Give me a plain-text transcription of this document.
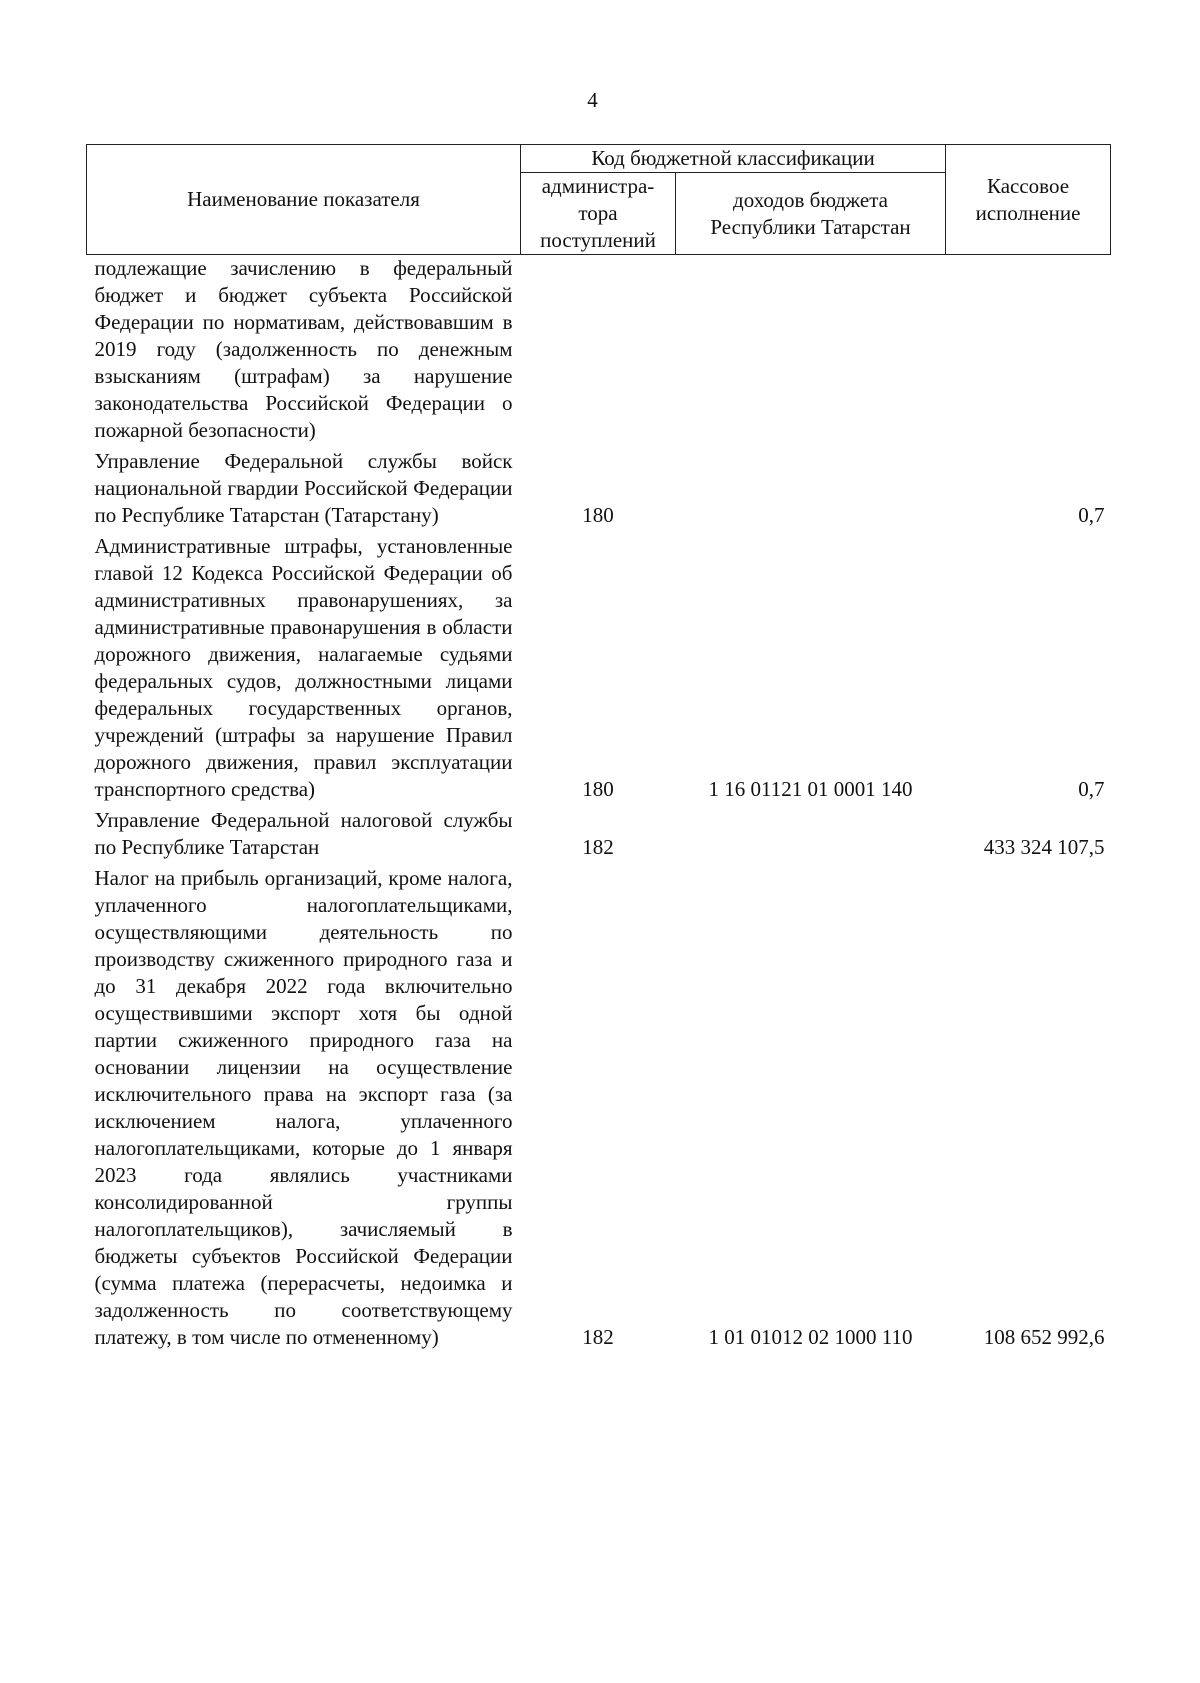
4
Наименование показателя	Код бюджетной классификации		Кассовое исполнение
	администра-тора поступлений	доходов бюджета Республики Татарстан	
подлежащие зачислению в федеральный бюджет и бюджет субъекта Российской Федерации по нормативам, действовавшим в 2019 году (задолженность по денежным взысканиям (штрафам) за нарушение законодательства Российской Федерации о пожарной безопасности)			
Управление Федеральной службы войск национальной гвардии Российской Федерации по Республике Татарстан (Татарстану)	180		0,7
Административные штрафы, установленные главой 12 Кодекса Российской Федерации об административных правонарушениях, за административные правонарушения в области дорожного движения, налагаемые судьями федеральных судов, должностными лицами федеральных государственных органов, учреждений (штрафы за нарушение Правил дорожного движения, правил эксплуатации транспортного средства)	180	1 16 01121 01 0001 140	0,7
Управление Федеральной налоговой службы по Республике Татарстан	182		433 324 107,5
Налог на прибыль организаций, кроме налога, уплаченного налогоплательщиками, осуществляющими деятельность по производству сжиженного природного газа и до 31 декабря 2022 года включительно осуществившими экспорт хотя бы одной партии сжиженного природного газа на основании лицензии на осуществление исключительного права на экспорт газа (за исключением налога, уплаченного налогоплательщиками, которые до 1 января 2023 года являлись участниками консолидированной группы налогоплательщиков), зачисляемый в бюджеты субъектов Российской Федерации (сумма платежа (перерасчеты, недоимка и задолженность по соответствующему платежу, в том числе по отмененному)	182	1 01 01012 02 1000 110	108 652 992,6
